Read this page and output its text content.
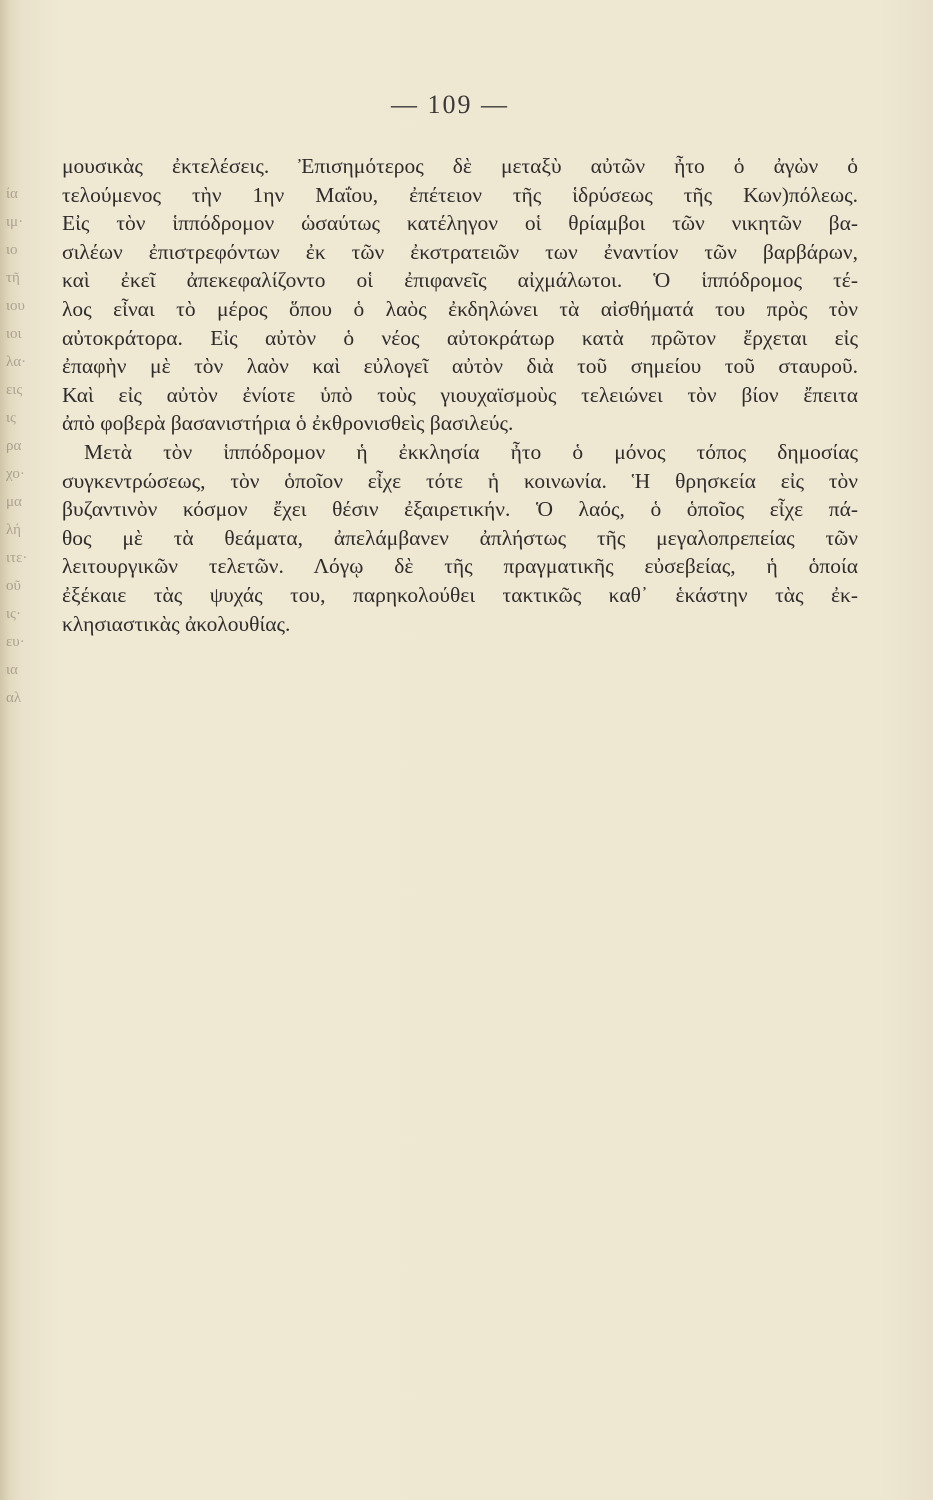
ία
ιμ·
ιο
τῆ
ιου
ιοι
λα·
εις
ις
ρα
χο·
μα
λή
ιτε·
οῦ
ις·
ευ·
ια
αλ
— 109 —
μουσικὰς ἐκτελέσεις. Ἐπισημότερος δὲ μεταξὺ αὐτῶν ἦτο ὁ ἀγὼν ὁ
τελούμενος τὴν 1ην Μαΐου, ἐπέτειον τῆς ἱδρύσεως τῆς Κων)πόλεως.
Εἰς τὸν ἱππόδρομον ὡσαύτως κατέληγον οἱ θρίαμβοι τῶν νικητῶν βα-
σιλέων ἐπιστρεφόντων ἐκ τῶν ἐκστρατειῶν των ἐναντίον τῶν βαρβάρων,
καὶ ἐκεῖ ἀπεκεφαλίζοντο οἱ ἐπιφανεῖς αἰχμάλωτοι. Ὁ ἱππόδρομος τέ-
λος εἶναι τὸ μέρος ὅπου ὁ λαὸς ἐκδηλώνει τὰ αἰσθήματά του πρὸς τὸν
αὐτοκράτορα. Εἰς αὐτὸν ὁ νέος αὐτοκράτωρ κατὰ πρῶτον ἔρχεται εἰς
ἐπαφὴν μὲ τὸν λαὸν καὶ εὐλογεῖ αὐτὸν διὰ τοῦ σημείου τοῦ σταυροῦ.
Καὶ εἰς αὐτὸν ἐνίοτε ὑπὸ τοὺς γιουχαϊσμοὺς τελειώνει τὸν βίον ἔπειτα
ἀπὸ φοβερὰ βασανιστήρια ὁ ἐκθρονισθεὶς βασιλεύς.
Μετὰ τὸν ἱππόδρομον ἡ ἐκκλησία ἦτο ὁ μόνος τόπος δημοσίας
συγκεντρώσεως, τὸν ὁποῖον εἶχε τότε ἡ κοινωνία. Ἡ θρησκεία εἰς τὸν
βυζαντινὸν κόσμον ἔχει θέσιν ἐξαιρετικήν. Ὁ λαός, ὁ ὁποῖος εἶχε πά-
θος μὲ τὰ θεάματα, ἀπελάμβανεν ἀπλήστως τῆς μεγαλοπρεπείας τῶν
λειτουργικῶν τελετῶν. Λόγῳ δὲ τῆς πραγματικῆς εὐσεβείας, ἡ ὁποία
ἐξέκαιε τὰς ψυχάς του, παρηκολούθει τακτικῶς καθ᾽ ἑκάστην τὰς ἐκ-
κλησιαστικὰς ἀκολουθίας.
